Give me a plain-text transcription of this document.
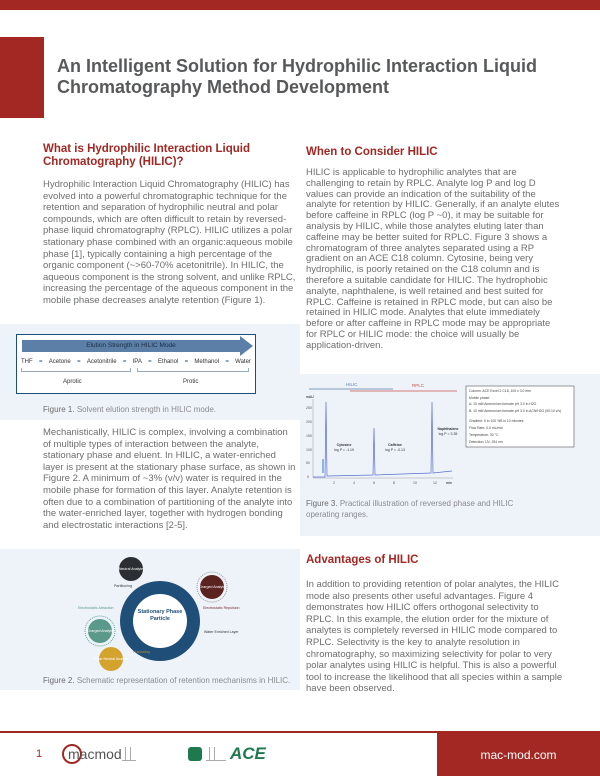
An Intelligent Solution for Hydrophilic Interaction Liquid Chromatography Method Development
What is Hydrophilic Interaction Liquid Chromatography (HILIC)?

Hydrophilic Interaction Liquid Chromatography (HILIC) has evolved into a powerful chromatographic technique for the retention and separation of hydrophilic neutral and polar compounds, which are often difficult to retain by reversed-phase liquid chromatography (RPLC). HILIC utilizes a polar stationary phase combined with an organic:aqueous mobile phase [1], typically containing a high percentage of the organic component (~>60-70% acetonitrile). In HILIC, the aqueous component is the strong solvent, and unlike RPLC, increasing the percentage of the aqueous component in the mobile phase decreases analyte retention (Figure 1).

Elution Strength in HILIC Mode
THF = Acetone = Acetonitrile = IPA = Ethanol = Methanol = Water
Aprotic	Protic

Figure 1. Solvent elution strength in HILIC mode.

Mechanistically, HILIC is complex, involving a combination of multiple types of interaction between the analyte, stationary phase and eluent. In HILIC, a water-enriched layer is present at the stationary phase surface, as shown in Figure 2. A minimum of ~3% (v/v) water is required in the mobile phase for formation of this layer. Analyte retention is often due to a combination of partitioning of the analyte into the water-enriched layer, together with hydrogen bonding and electrostatic interactions [2-5].

Neutral Analyte
Partitioning	Charged Analyte
Electrostatic Repulsion
Water Enriched Layer
Charged Analyte
Electrostatic Attraction
Polar Neutral Analyte
H-bonding
Stationary Phase Particle

Figure 2. Schematic representation of retention mechanisms in HILIC.

When to Consider HILIC

HILIC is applicable to hydrophilic analytes that are challenging to retain by RPLC. Analyte log P and log D values can provide an indication of the suitability of the analyte for retention by HILIC. Generally, if an analyte elutes before caffeine in RPLC (log P ~0), it may be suitable for analysis by HILIC, while those analytes eluting later than caffeine may be better suited for RPLC. Figure 3 shows a chromatogram of three analytes separated using a RP gradient on an ACE C18 column. Cytosine, being very hydrophilic, is poorly retained on the C18 column and is therefore a suitable candidate for HILIC. The hydrophobic analyte, naphthalene, is well retained and best suited for RPLC. Caffeine is retained in RPLC mode, but can also be retained in HILIC mode. Analytes that elute immediately before or after caffeine in RPLC mode may be appropriate for RPLC or HILIC mode: the choice will usually be application-driven.

HILIC	RPLC
mAU
min
0
50
100
150
200
250
2	4	6	8	10	12
Cytosine
log P = -1.19
Caffeine
log P = -0.13
Naphthalene
log P = 3.35
Column: ACE Excel 2 C18, 100 x 3.0 mm
Mobile phase:
A: 10 mM Ammonium formate pH 3.0 in H2O
B: 10 mM Ammonium formate pH 3.0 in ACN/H2O (90:10 v/v)
Gradient: 5 to 100 %B in 10 minutes
Flow Rate: 0.6 mL/min
Temperature: 30 °C
Detection: UV, 254 nm

Figure 3. Practical illustration of reversed phase and HILIC operating ranges.

Advantages of HILIC

In addition to providing retention of polar analytes, the HILIC mode also presents other useful advantages. Figure 4 demonstrates how HILIC offers orthogonal selectivity to RPLC. In this example, the elution order for the mixture of analytes is completely reversed in HILIC mode compared to RPLC. Selectivity is the key to analyte resolution in chromatography, so maximizing selectivity for polar to very polar analytes using HILIC is helpful. This is also a powerful tool to increase the likelihood that all species within a sample have been observed.

1 macmod	ACE	mac-mod.com
